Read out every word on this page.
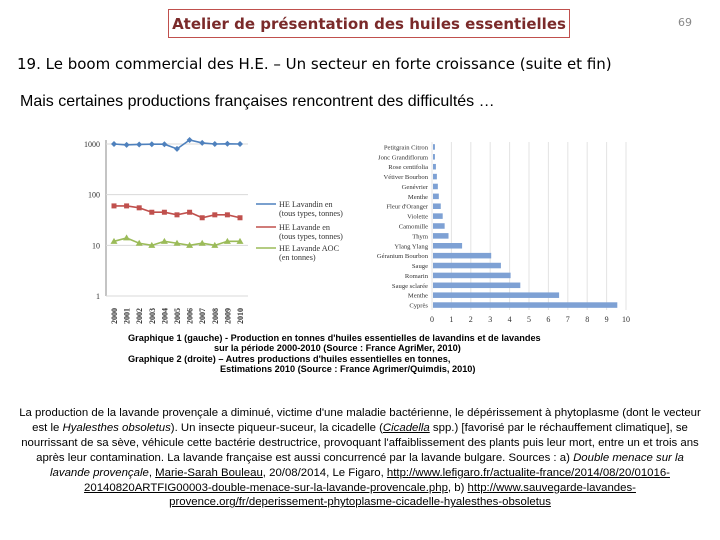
Atelier de présentation des huiles essentielles	69
19. Le boom commercial des H.E. – Un secteur en forte croissance (suite et fin)
Mais certaines productions françaises rencontrent des difficultés …
1000
100
10
1
2000 2001 2002 2003 2004 2005 2006 2007 2008 2009 2010
HE Lavandin en
(tous types, tonnes)
HE Lavande en
(tous types, tonnes)
HE Lavande AOC
(en tonnes)
0 1 2 3 4 5 6 7 8 9 10
Petitgrain Citron
Jonc Grandiflorum
Rose centifolia
Vétiver Bourbon
Genévrier
Menthe
Fleur d'Oranger
Violette
Camomille
Thym
Ylang Ylang
Géranium Bourbon
Sauge
Romarin
Sauge sclarée
Menthe
Cyprès
Graphique 1 (gauche) - Production en tonnes d'huiles essentielles de lavandins et de lavandes
sur la période 2000-2010 (Source : France AgriMer, 2010)
Graphique 2 (droite) – Autres productions d'huiles essentielles en tonnes,
Estimations 2010 (Source : France Agrimer/Quimdis, 2010)
La production de la lavande provençale a diminué, victime d'une maladie bactérienne, le dépérissement à phytoplasme (dont le vecteur est le Hyalesthes obsoletus). Un insecte piqueur-suceur, la cicadelle (Cicadella spp.) [favorisé par le réchauffement climatique], se nourrissant de sa sève, véhicule cette bactérie destructrice, provoquant l'affaiblissement des plants puis leur mort, entre un et trois ans après leur contamination. La lavande française est aussi concurrencé par la lavande bulgare. Sources : a) Double menace sur la lavande provençale, Marie-Sarah Bouleau, 20/08/2014, Le Figaro, http://www.lefigaro.fr/actualite-france/2014/08/20/01016-20140820ARTFIG00003-double-menace-sur-la-lavande-provencale.php, b) http://www.sauvegarde-lavandes-provence.org/fr/deperissement-phytoplasme-cicadelle-hyalesthes-obsoletus
